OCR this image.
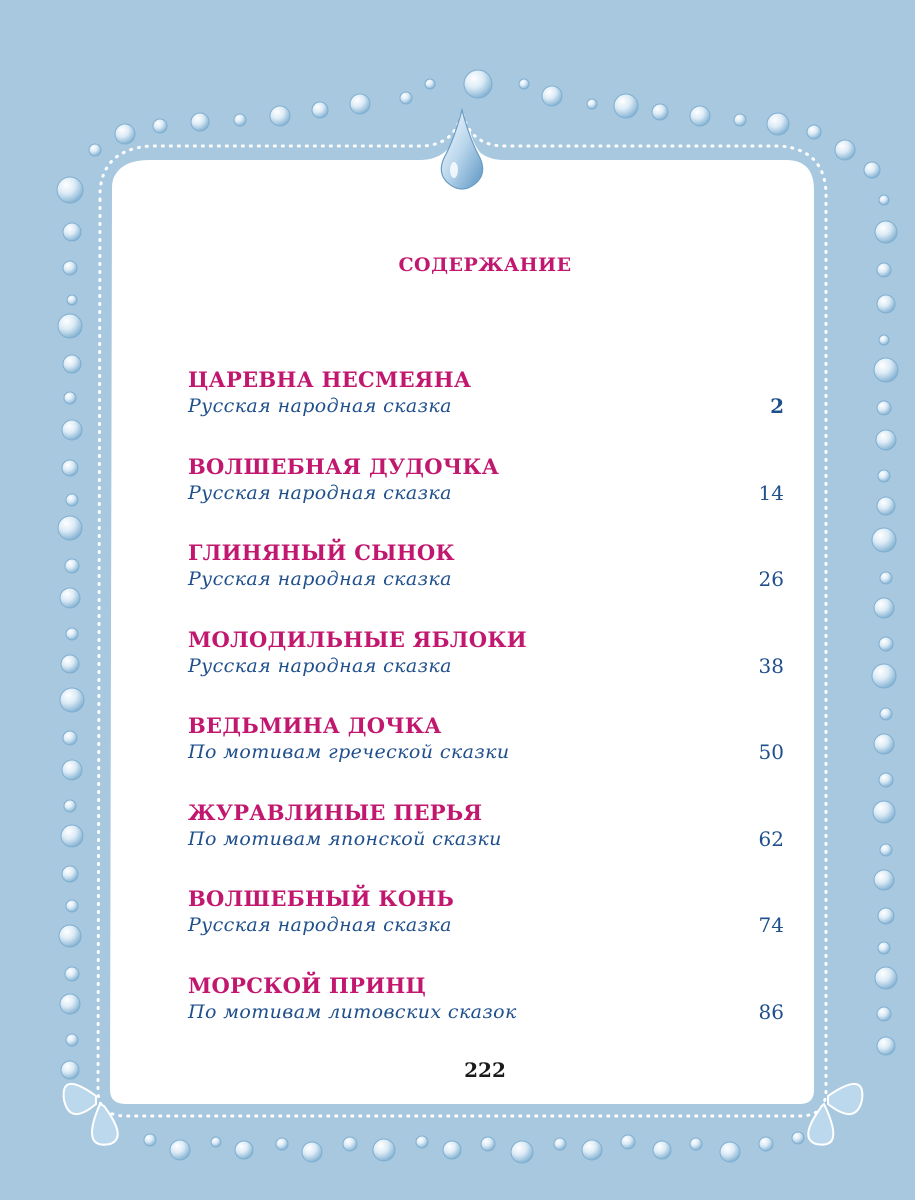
СОДЕРЖАНИЕ
ЦАРЕВНА НЕСМЕЯНА
Русская народная сказка	2
ВОЛШЕБНАЯ ДУДОЧКА
Русская народная сказка	14
ГЛИНЯНЫЙ СЫНОК
Русская народная сказка	26
МОЛОДИЛЬНЫЕ ЯБЛОКИ
Русская народная сказка	38
ВЕДЬМИНА ДОЧКА
По мотивам греческой сказки	50
ЖУРАВЛИНЫЕ ПЕРЬЯ
По мотивам японской сказки	62
ВОЛШЕБНЫЙ КОНЬ
Русская народная сказка	74
МОРСКОЙ ПРИНЦ
По мотивам литовских сказок	86
222
